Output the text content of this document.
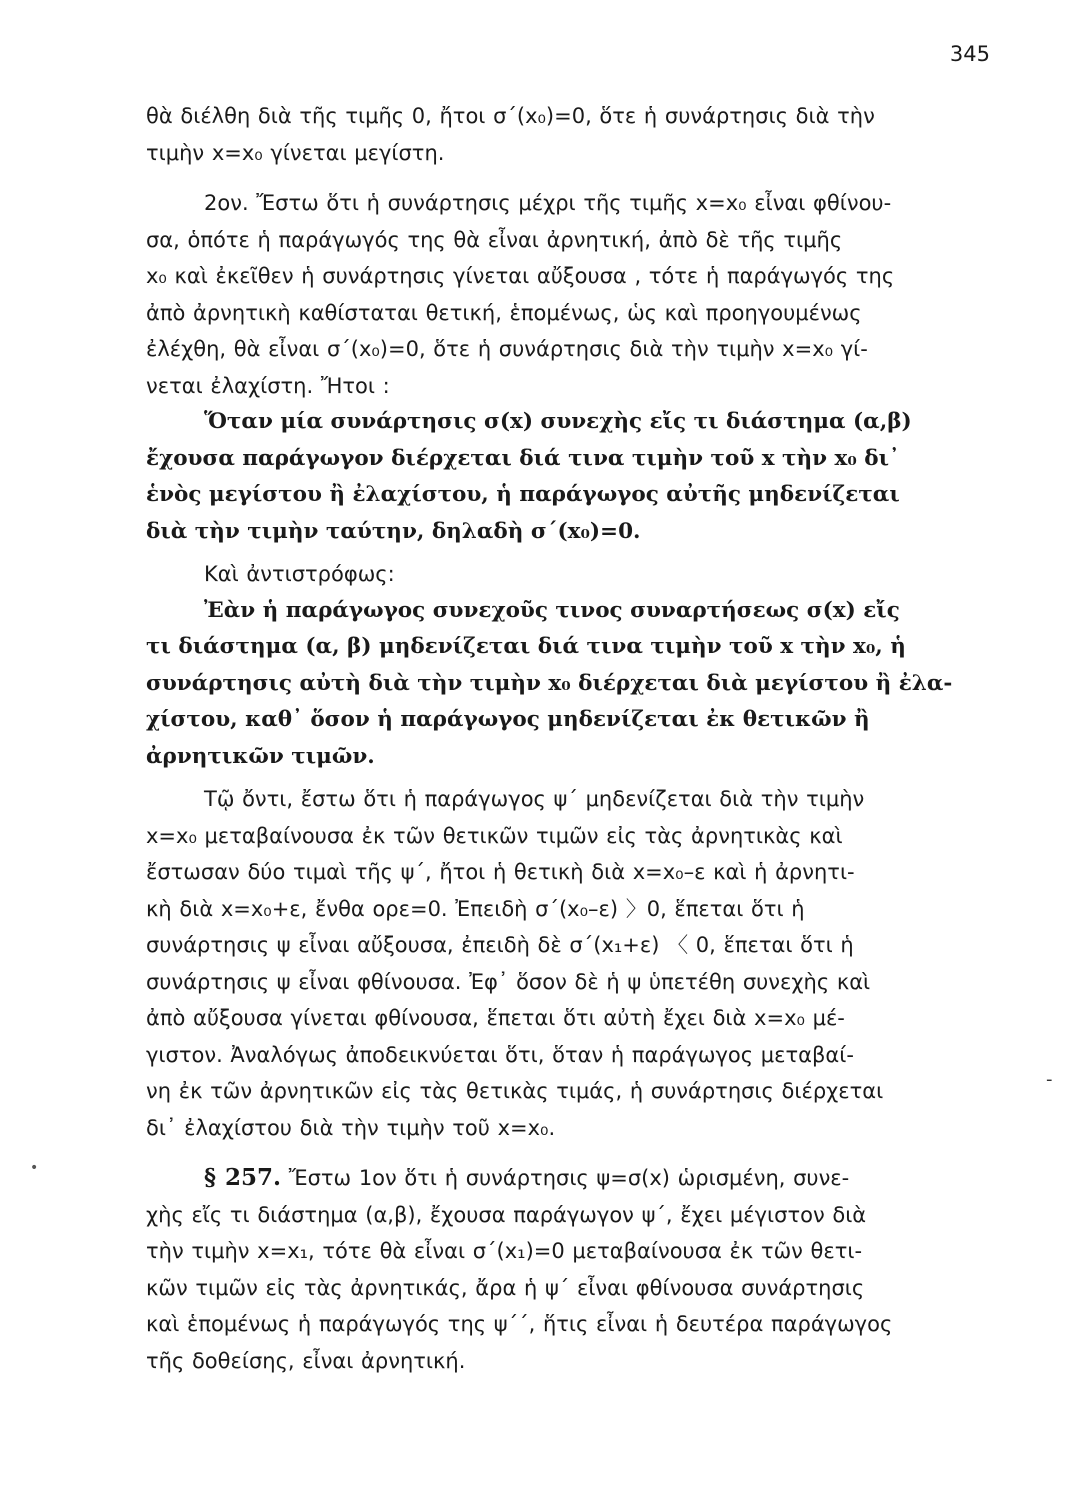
345

θὰ διέλθη διὰ τῆς τιμῆς 0, ἤτοι σ΄(x₀)=0, ὅτε ἡ συνάρτησις διὰ τὴν
τιμὴν x=x₀ γίνεται μεγίστη.

2ον. Ἔστω ὅτι ἡ συνάρτησις μέχρι τῆς τιμῆς x=x₀ εἶναι φθίνου-
σα, ὁπότε ἡ παράγωγός της θὰ εἶναι ἀρνητική, ἀπὸ δὲ τῆς τιμῆς
x₀ καὶ ἐκεῖθεν ἡ συνάρτησις γίνεται αὔξουσα , τότε ἡ παράγωγός της
ἀπὸ ἀρνητικὴ καθίσταται θετική, ἑπομένως, ὡς καὶ προηγουμένως
ἐλέχθη, θὰ εἶναι σ΄(x₀)=0, ὅτε ἡ συνάρτησις διὰ τὴν τιμὴν x=x₀ γί-
νεται ἐλαχίστη. Ἤτοι :

Ὅταν μία συνάρτησις σ(x) συνεχὴς εἴς τι διάστημα (α,β)
ἔχουσα παράγωγον διέρχεται διά τινα τιμὴν τοῦ x τὴν x₀ δι᾽
ἑνὸς μεγίστου ἢ ἐλαχίστου, ἡ παράγωγος αὐτῆς μηδενίζεται
διὰ τὴν τιμὴν ταύτην, δηλαδὴ σ΄(x₀)=0.

Καὶ ἀντιστρόφως:

Ἐὰν ἡ παράγωγος συνεχοῦς τινος συναρτήσεως σ(x) εἴς
τι διάστημα (α, β) μηδενίζεται διά τινα τιμὴν τοῦ x τὴν x₀, ἡ
συνάρτησις αὐτὴ διὰ τὴν τιμὴν x₀ διέρχεται διὰ μεγίστου ἢ ἐλα-
χίστου, καθ᾽ ὅσον ἡ παράγωγος μηδενίζεται ἐκ θετικῶν ἢ
ἀρνητικῶν τιμῶν.

Τῷ ὄντι, ἔστω ὅτι ἡ παράγωγος ψ΄ μηδενίζεται διὰ τὴν τιμὴν
x=x₀ μεταβαίνουσα ἐκ τῶν θετικῶν τιμῶν εἰς τὰς ἀρνητικὰς καὶ
ἔστωσαν δύο τιμαὶ τῆς ψ΄, ἤτοι ἡ θετικὴ διὰ x=x₀–ε καὶ ἡ ἀρνητι-
κὴ διὰ x=x₀+ε, ἔνθα ορε=0. Ἐπειδὴ σ΄(x₀–ε) 〉0, ἕπεται ὅτι ἡ
συνάρτησις ψ εἶναι αὔξουσα, ἐπειδὴ δὲ σ΄(x₁+ε) 〈 0, ἕπεται ὅτι ἡ
συνάρτησις ψ εἶναι φθίνουσα. Ἐφ᾽ ὅσον δὲ ἡ ψ ὑπετέθη συνεχὴς καὶ
ἀπὸ αὔξουσα γίνεται φθίνουσα, ἕπεται ὅτι αὐτὴ ἔχει διὰ x=x₀ μέ-
γιστον. Ἀναλόγως ἀποδεικνύεται ὅτι, ὅταν ἡ παράγωγος μεταβαί-
νη ἐκ τῶν ἀρνητικῶν εἰς τὰς θετικὰς τιμάς, ἡ συνάρτησις διέρχεται
δι᾽ ἐλαχίστου διὰ τὴν τιμὴν τοῦ x=x₀.

§ 257. Ἔστω 1ον ὅτι ἡ συνάρτησις ψ=σ(x) ὡρισμένη, συνε-
χὴς εἴς τι διάστημα (α,β), ἔχουσα παράγωγον ψ΄, ἔχει μέγιστον διὰ
τὴν τιμὴν x=x₁, τότε θὰ εἶναι σ΄(x₁)=0 μεταβαίνουσα ἐκ τῶν θετι-
κῶν τιμῶν εἰς τὰς ἀρνητικάς, ἄρα ἡ ψ΄ εἶναι φθίνουσα συνάρτησις
καὶ ἑπομένως ἡ παράγωγός της ψ΄΄, ἥτις εἶναι ἡ δευτέρα παράγωγος
τῆς δοθείσης, εἶναι ἀρνητική.

-
•
